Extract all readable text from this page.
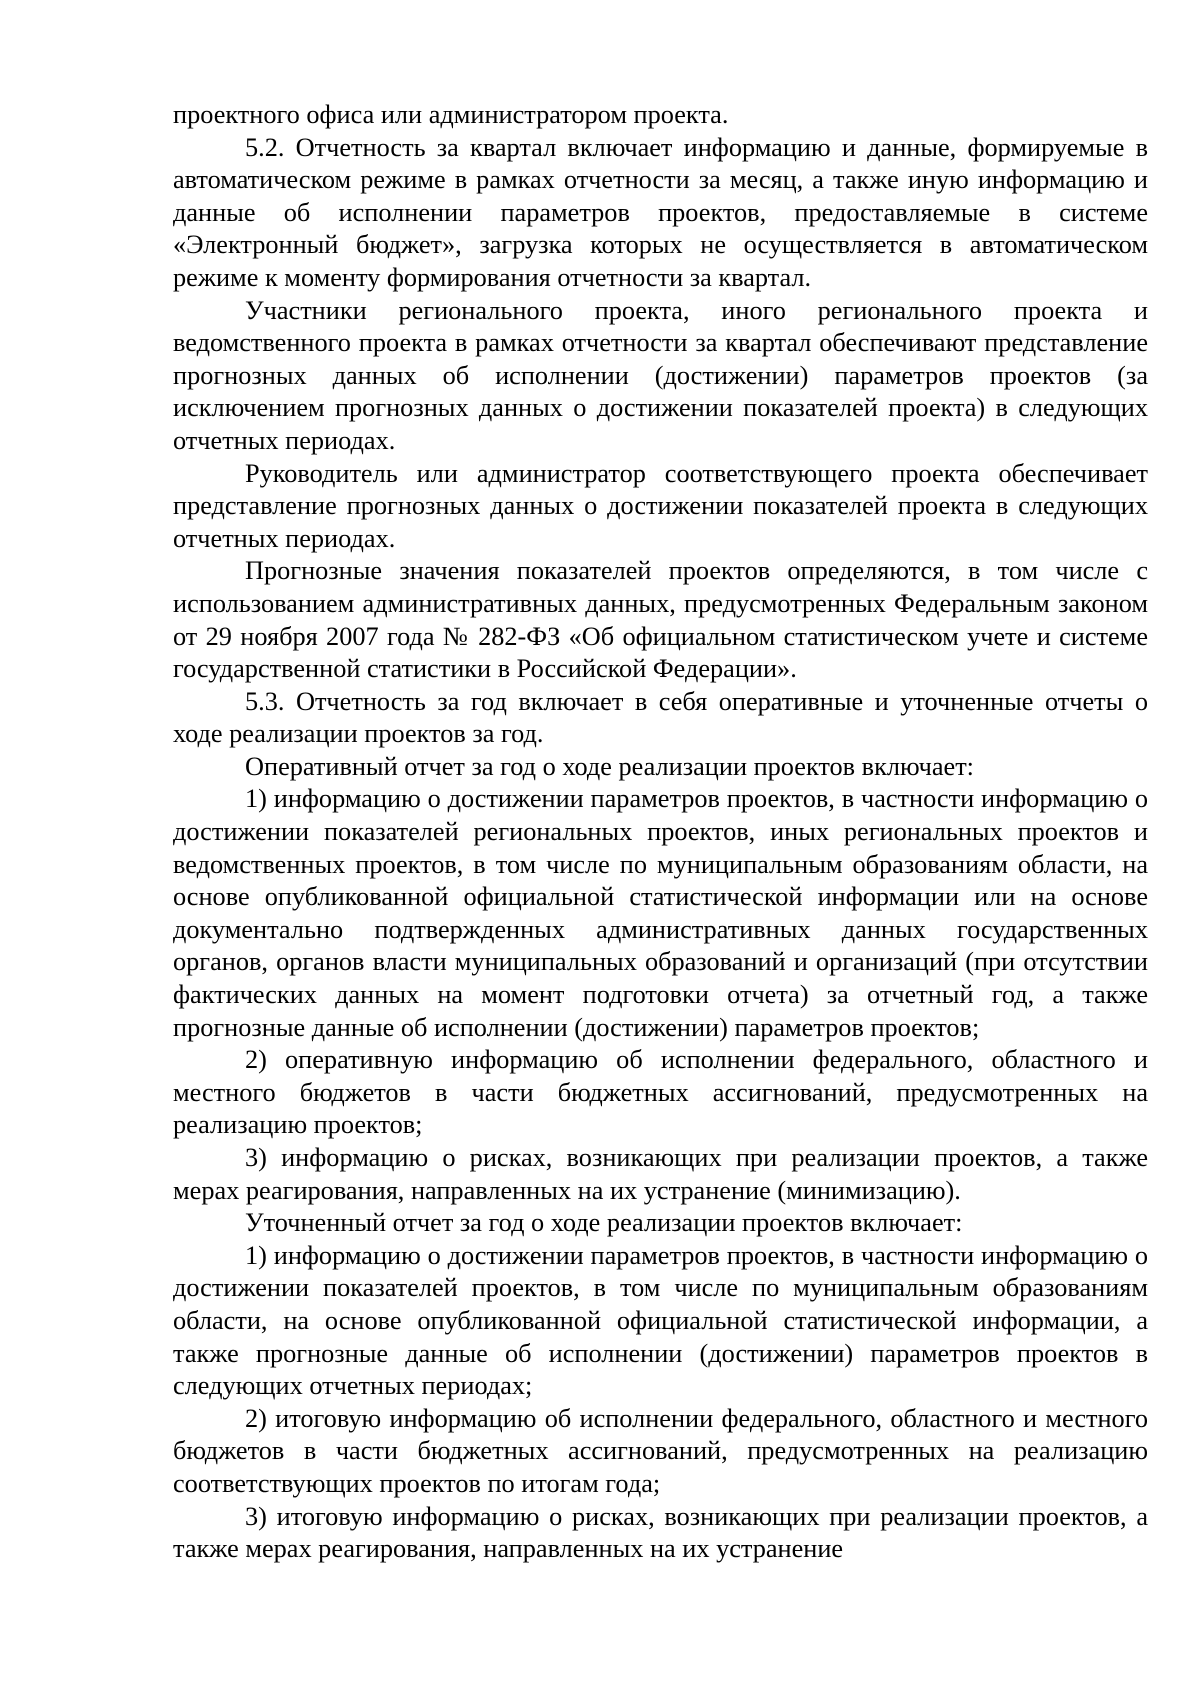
проектного офиса или администратором проекта.

5.2. Отчетность за квартал включает информацию и данные, формируемые в автоматическом режиме в рамках отчетности за месяц, а также иную информацию и данные об исполнении параметров проектов, предоставляемые в системе «Электронный бюджет», загрузка которых не осуществляется в автоматическом режиме к моменту формирования отчетности за квартал.

Участники регионального проекта, иного регионального проекта и ведомственного проекта в рамках отчетности за квартал обеспечивают представление прогнозных данных об исполнении (достижении) параметров проектов (за исключением прогнозных данных о достижении показателей проекта) в следующих отчетных периодах.

Руководитель или администратор соответствующего проекта обеспечивает представление прогнозных данных о достижении показателей проекта в следующих отчетных периодах.

Прогнозные значения показателей проектов определяются, в том числе с использованием административных данных, предусмотренных Федеральным законом от 29 ноября 2007 года № 282-ФЗ «Об официальном статистическом учете и системе государственной статистики в Российской Федерации».

5.3. Отчетность за год включает в себя оперативные и уточненные отчеты о ходе реализации проектов за год.

Оперативный отчет за год о ходе реализации проектов включает:

1) информацию о достижении параметров проектов, в частности информацию о достижении показателей региональных проектов, иных региональных проектов и ведомственных проектов, в том числе по муниципальным образованиям области, на основе опубликованной официальной статистической информации или на основе документально подтвержденных административных данных государственных органов, органов власти муниципальных образований и организаций (при отсутствии фактических данных на момент подготовки отчета) за отчетный год, а также прогнозные данные об исполнении (достижении) параметров проектов;

2) оперативную информацию об исполнении федерального, областного и местного бюджетов в части бюджетных ассигнований, предусмотренных на реализацию проектов;

3) информацию о рисках, возникающих при реализации проектов, а также мерах реагирования, направленных на их устранение (минимизацию).

Уточненный отчет за год о ходе реализации проектов включает:

1) информацию о достижении параметров проектов, в частности информацию о достижении показателей проектов, в том числе по муниципальным образованиям области, на основе опубликованной официальной статистической информации, а также прогнозные данные об исполнении (достижении) параметров проектов в следующих отчетных периодах;

2) итоговую информацию об исполнении федерального, областного и местного бюджетов в части бюджетных ассигнований, предусмотренных на реализацию соответствующих проектов по итогам года;

3) итоговую информацию о рисках, возникающих при реализации проектов, а также мерах реагирования, направленных на их устранение
